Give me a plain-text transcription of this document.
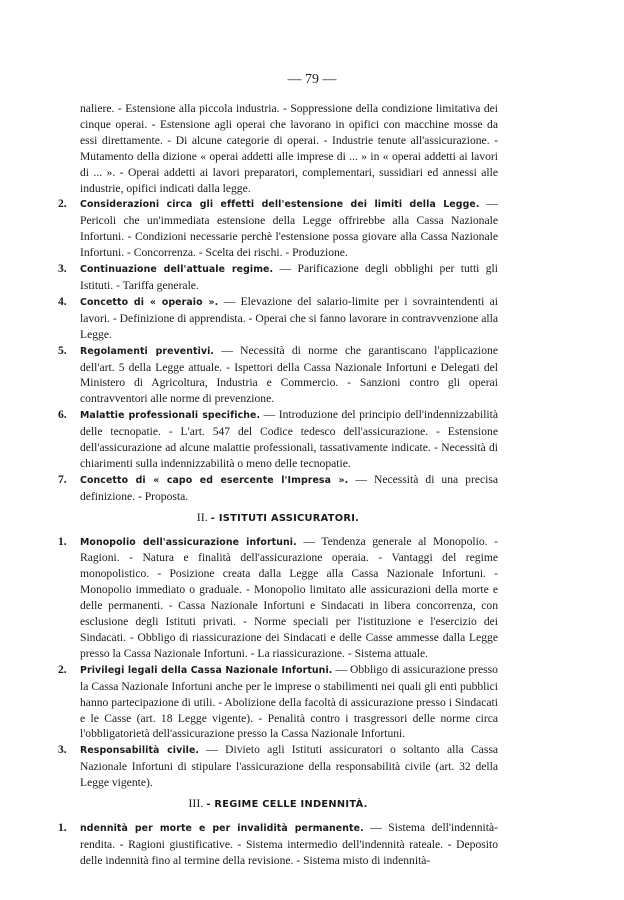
— 79 —
naliere. - Estensione alla piccola industria. - Soppressione della condizione limitativa dei cinque operai. - Estensione agli operai che lavorano in opifici con macchine mosse da essi direttamente. - Di alcune categorie di operai. - Industrie tenute all'assicurazione. - Mutamento della dizione « operai addetti alle imprese di ... » in « operai addetti ai lavori di ... ». - Operai addetti ai lavori preparatori, complementari, sussidiari ed annessi alle industrie, opifici indicati dalla legge.
2. Considerazioni circa gli effetti dell'estensione dei limiti della Legge. — Pericoli che un'immediata estensione della Legge offrirebbe alla Cassa Nazionale Infortuni. - Condizioni necessarie perchè l'estensione possa giovare alla Cassa Nazionale Infortuni. - Concorrenza. - Scelta dei rischi. - Produzione.
3. Continuazione dell'attuale regime. — Parificazione degli obblighi per tutti gli Istituti. - Tariffa generale.
4. Concetto di « operaio ». — Elevazione del salario-limite per i sovraintendenti ai lavori. - Definizione di apprendista. - Operai che si fanno lavorare in contravvenzione alla Legge.
5. Regolamenti preventivi. — Necessità di norme che garantiscano l'applicazione dell'art. 5 della Legge attuale. - Ispettori della Cassa Nazionale Infortuni e Delegati del Ministero di Agricoltura, Industria e Commercio. - Sanzioni contro gli operai contravventori alle norme di prevenzione.
6. Malattie professionali specifiche. — Introduzione del principio dell'indennizzabilità delle tecnopatie. - L'art. 547 del Codice tedesco dell'assicurazione. - Estensione dell'assicurazione ad alcune malattie professionali, tassativamente indicate. - Necessità di chiarimenti sulla indennizzabilità o meno delle tecnopatie.
7. Concetto di « capo ed esercente l'Impresa ». — Necessità di una precisa definizione. - Proposta.
II. - ISTITUTI ASSICURATORI.
1. Monopolio dell'assicurazione infortuni. — Tendenza generale al Monopolio. - Ragioni. - Natura e finalità dell'assicurazione operaia. - Vantaggi del regime monopolistico. - Posizione creata dalla Legge alla Cassa Nazionale Infortuni. - Monopolio immediato o graduale. - Monopolio limitato alle assicurazioni della morte e delle permanenti. - Cassa Nazionale Infortuni e Sindacati in libera concorrenza, con esclusione degli Istituti privati. - Norme speciali per l'istituzione e l'esercizio dei Sindacati. - Obbligo di riassicurazione dei Sindacati e delle Casse ammesse dalla Legge presso la Cassa Nazionale Infortuni. - La riassicurazione. - Sistema attuale.
2. Privilegi legali della Cassa Nazionale Infortuni. — Obbligo di assicurazione presso la Cassa Nazionale Infortuni anche per le imprese o stabilimenti nei quali gli enti pubblici hanno partecipazione di utili. - Abolizione della facoltà di assicurazione presso i Sindacati e le Casse (art. 18 Legge vigente). - Penalità contro i trasgressori delle norme circa l'obbligatorietà dell'assicurazione presso la Cassa Nazionale Infortuni.
3. Responsabilità civile. — Divieto agli Istituti assicuratori o soltanto alla Cassa Nazionale Infortuni di stipulare l'assicurazione della responsabilità civile (art. 32 della Legge vigente).
III. - REGIME CELLE INDENNITÀ.
1. ndennità per morte e per invalidità permanente. — Sistema dell'indennità-rendita. - Ragioni giustificative. - Sistema intermedio dell'indennità rateale. - Deposito delle indennità fino al termine della revisione. - Sistema misto di indennità-
